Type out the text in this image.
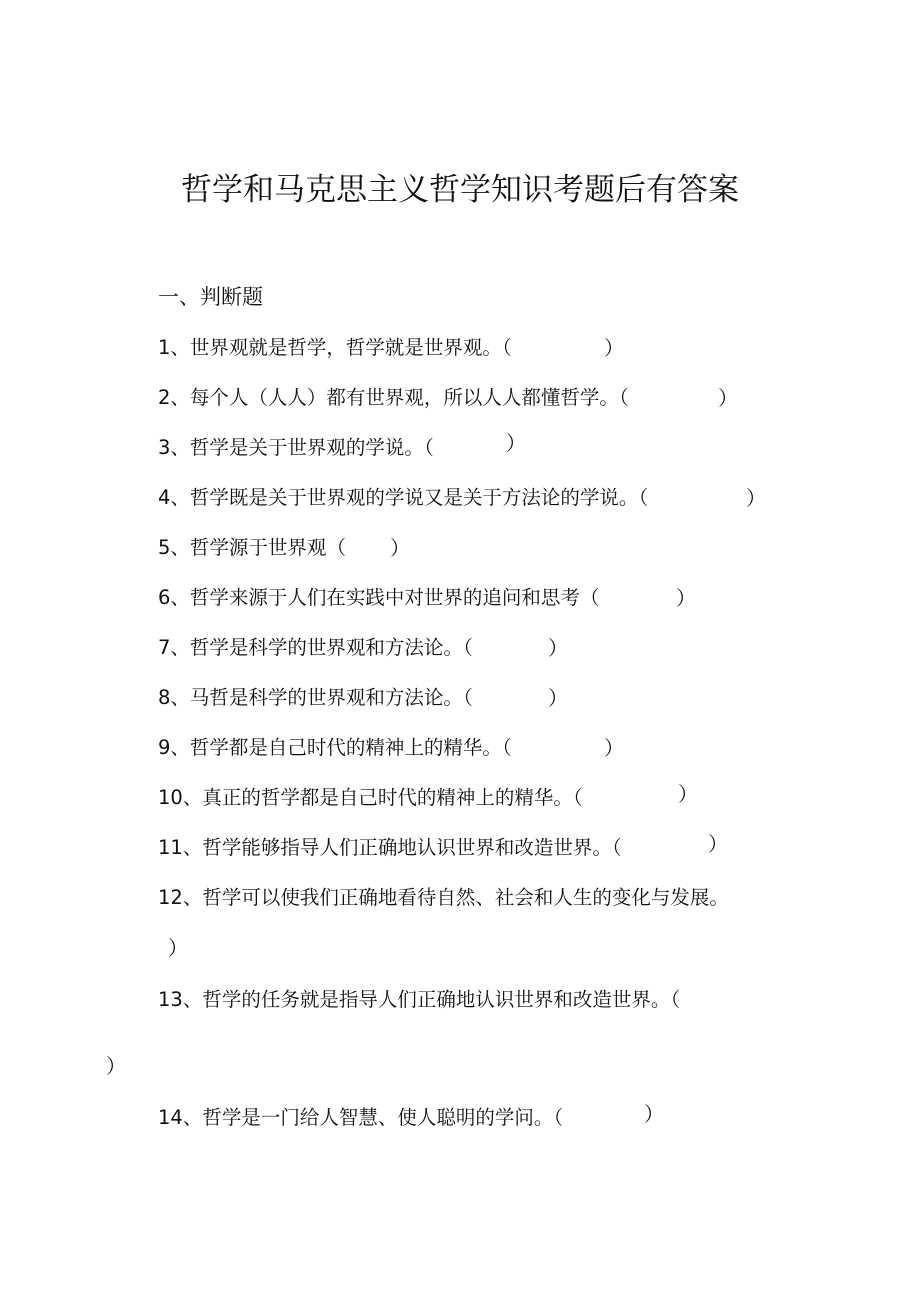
哲学和马克思主义哲学知识考题后有答案
一、判断题
1、世界观就是哲学，哲学就是世界观。（	）
2、每个人（人人）都有世界观，所以人人都懂哲学。（	）
3、哲学是关于世界观的学说。（	）
4、哲学既是关于世界观的学说又是关于方法论的学说。（	）
5、哲学源于世界观（ ）
6、哲学来源于人们在实践中对世界的追问和思考（	）
7、哲学是科学的世界观和方法论。（	）
8、马哲是科学的世界观和方法论。（	）
9、哲学都是自己时代的精神上的精华。（	）
10、真正的哲学都是自己时代的精神上的精华。（	）
11、哲学能够指导人们正确地认识世界和改造世界。（	）
12、哲学可以使我们正确地看待自然、社会和人生的变化与发展。
）
13、哲学的任务就是指导人们正确地认识世界和改造世界。（
）
14、哲学是一门给人智慧、使人聪明的学问。（	）
